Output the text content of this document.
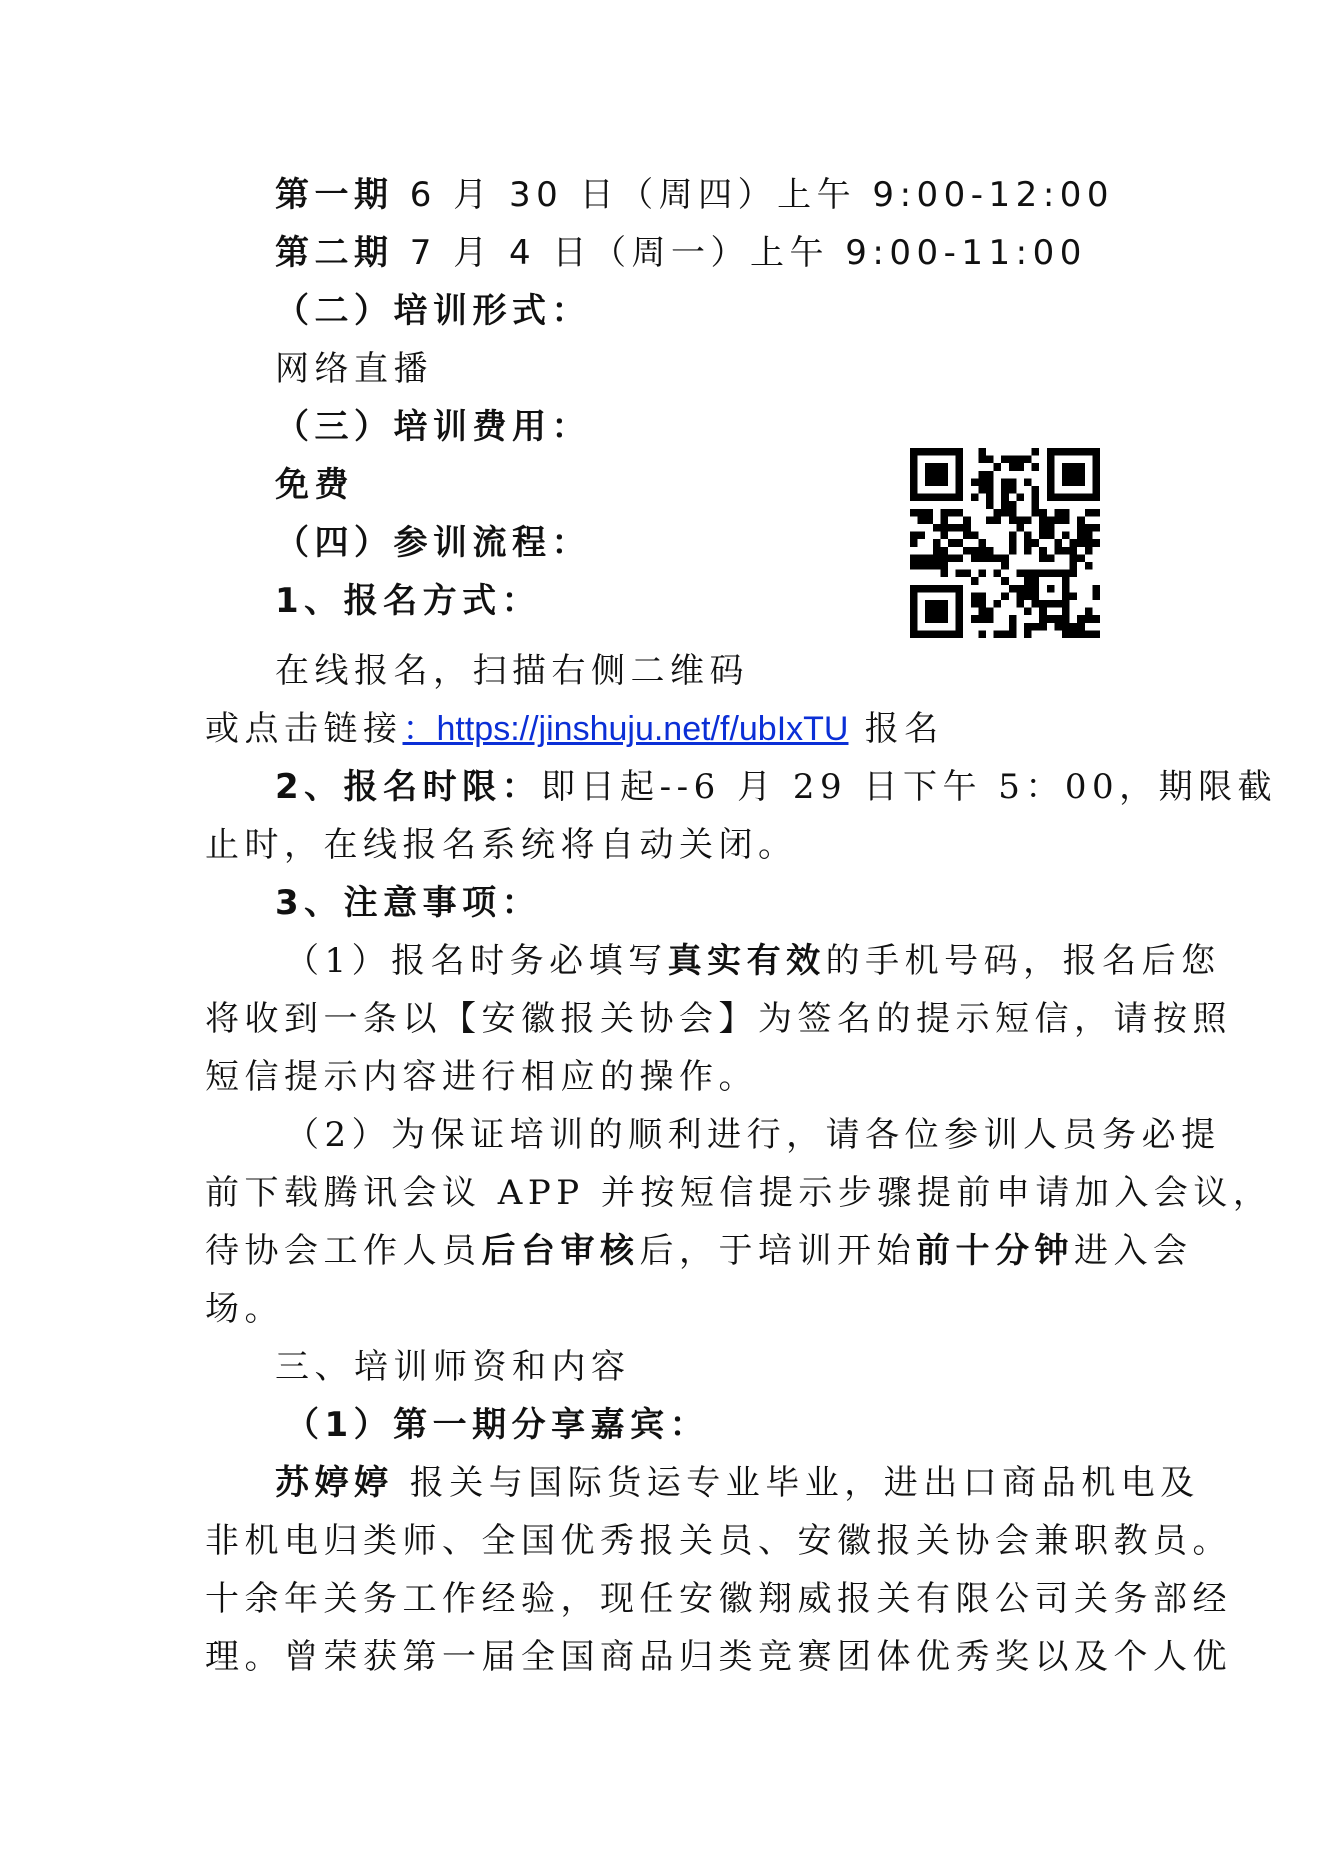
第一期 6 月 30 日（周四）上午 9:00-12:00
第二期 7 月 4 日（周一）上午 9:00-11:00
（二）培训形式：
网络直播
（三）培训费用：
免费
（四）参训流程：
1、报名方式：
在线报名，扫描右侧二维码
或点击链接：https://jinshuju.net/f/ubIxTU 报名
2、报名时限：即日起--6 月 29 日下午 5：00，期限截
止时，在线报名系统将自动关闭。
3、注意事项：
（1）报名时务必填写真实有效的手机号码，报名后您
将收到一条以【安徽报关协会】为签名的提示短信，请按照
短信提示内容进行相应的操作。
（2）为保证培训的顺利进行，请各位参训人员务必提
前下载腾讯会议 APP 并按短信提示步骤提前申请加入会议，
待协会工作人员后台审核后，于培训开始前十分钟进入会
场。
三、培训师资和内容
（1）第一期分享嘉宾：
苏婷婷 报关与国际货运专业毕业，进出口商品机电及
非机电归类师、全国优秀报关员、安徽报关协会兼职教员。
十余年关务工作经验，现任安徽翔威报关有限公司关务部经
理。曾荣获第一届全国商品归类竞赛团体优秀奖以及个人优
